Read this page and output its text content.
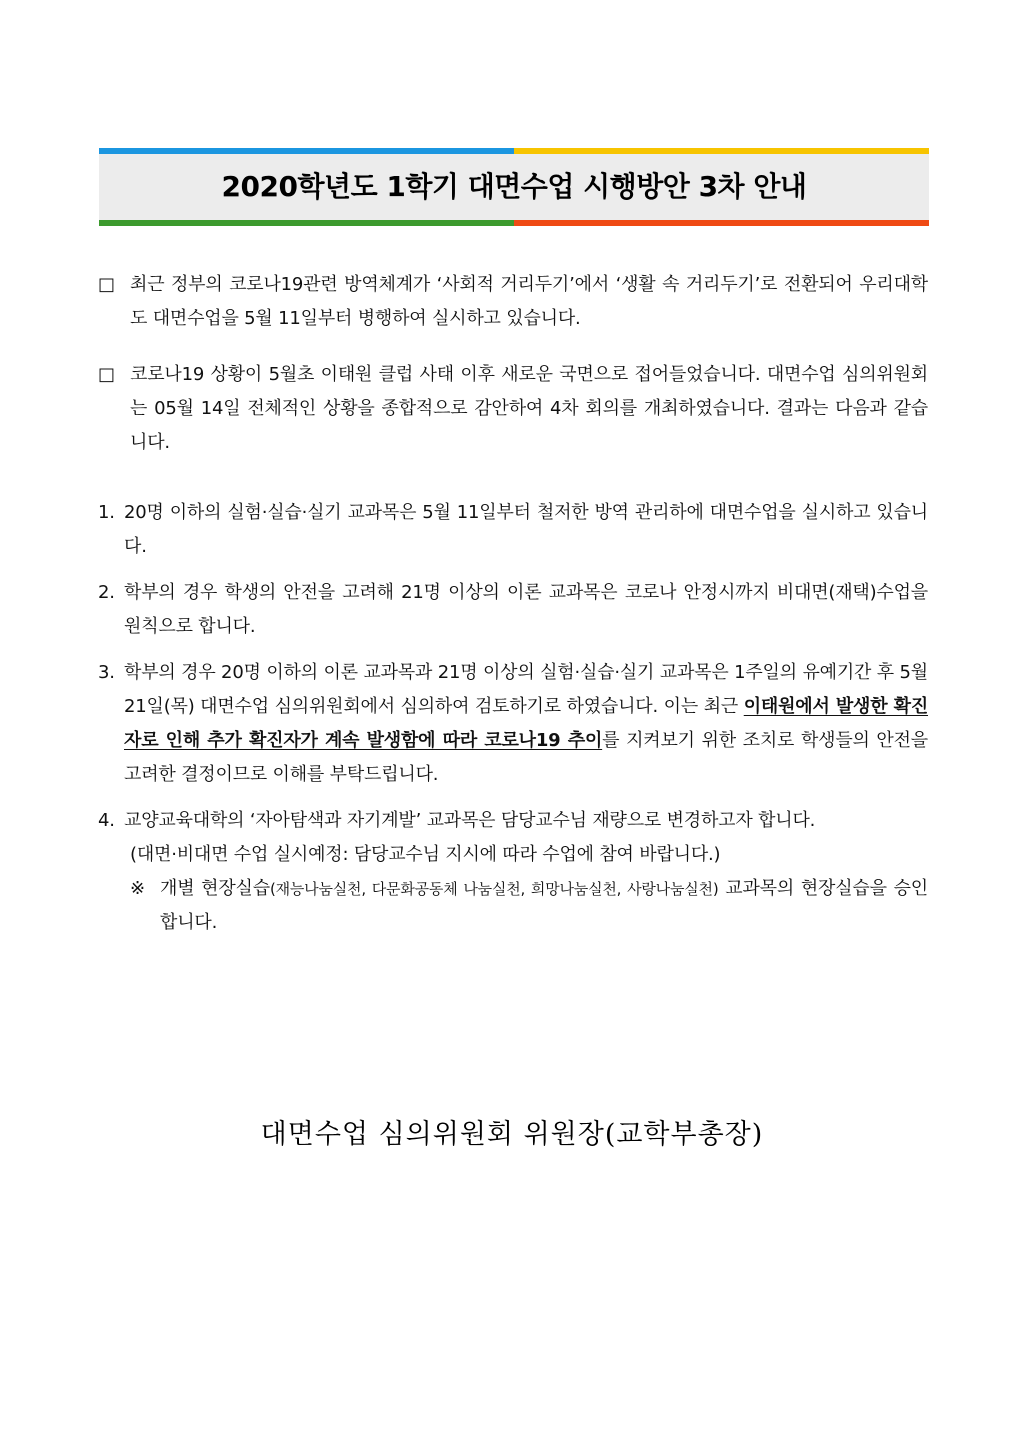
2020학년도 1학기 대면수업 시행방안 3차 안내
□ 최근 정부의 코로나19관련 방역체계가 ‘사회적 거리두기’에서 ‘생활 속 거리두기’로 전환되어 우리대학도 대면수업을 5월 11일부터 병행하여 실시하고 있습니다.
□ 코로나19 상황이 5월초 이태원 클럽 사태 이후 새로운 국면으로 접어들었습니다. 대면수업 심의위원회는 05월 14일 전체적인 상황을 종합적으로 감안하여 4차 회의를 개최하였습니다. 결과는 다음과 같습니다.
1. 20명 이하의 실험·실습·실기 교과목은 5월 11일부터 철저한 방역 관리하에 대면수업을 실시하고 있습니다.
2. 학부의 경우 학생의 안전을 고려해 21명 이상의 이론 교과목은 코로나 안정시까지 비대면(재택)수업을 원칙으로 합니다.
3. 학부의 경우 20명 이하의 이론 교과목과 21명 이상의 실험·실습·실기 교과목은 1주일의 유예기간 후 5월 21일(목) 대면수업 심의위원회에서 심의하여 검토하기로 하였습니다. 이는 최근 이태원에서 발생한 확진자로 인해 추가 확진자가 계속 발생함에 따라 코로나19 추이를 지켜보기 위한 조치로 학생들의 안전을 고려한 결정이므로 이해를 부탁드립니다.
4. 교양교육대학의 ‘자아탐색과 자기계발’ 교과목은 담당교수님 재량으로 변경하고자 합니다.
(대면·비대면 수업 실시예정: 담당교수님 지시에 따라 수업에 참여 바랍니다.)
※ 개별 현장실습(재능나눔실천, 다문화공동체 나눔실천, 희망나눔실천, 사랑나눔실천) 교과목의 현장실습을 승인합니다.
대면수업 심의위원회 위원장(교학부총장)
